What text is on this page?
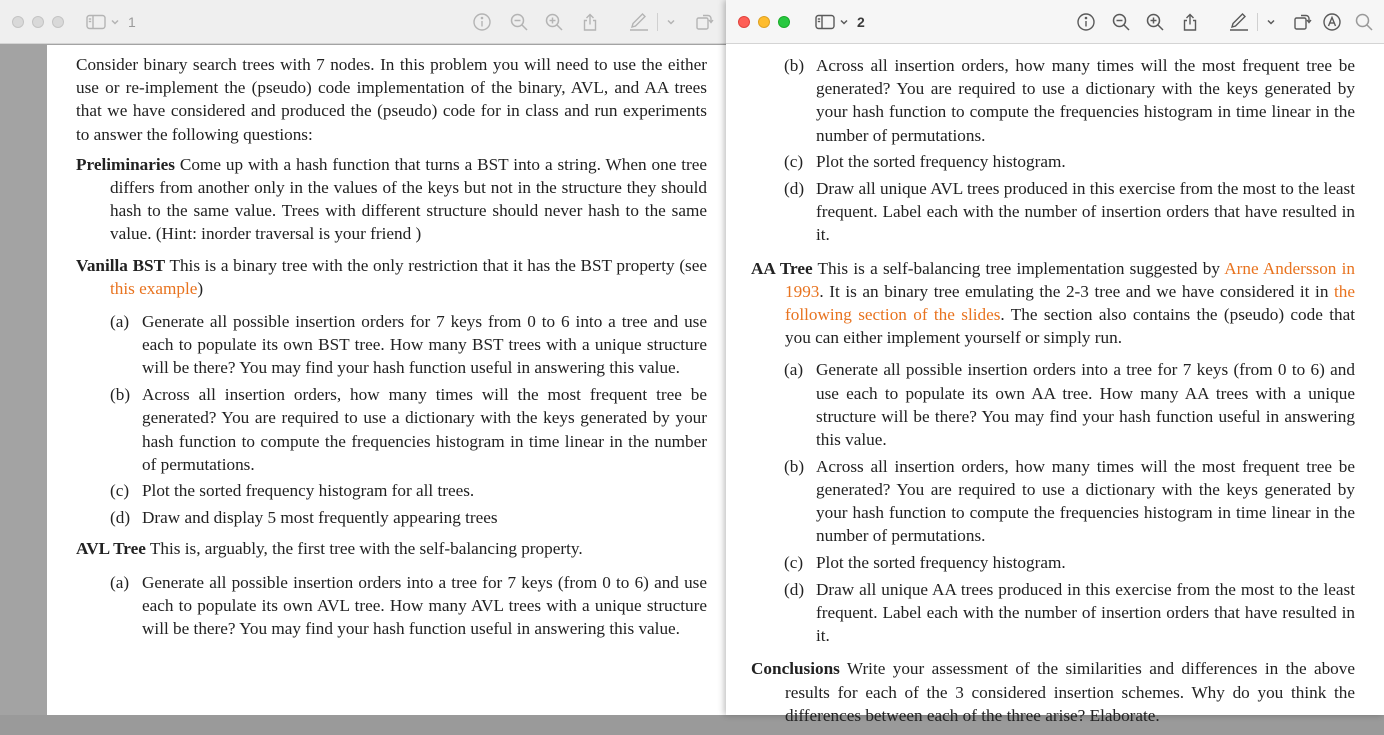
1

Consider binary search trees with 7 nodes. In this problem you will need to use the either use or re-implement the (pseudo) code implementation of the binary, AVL, and AA trees that we have considered and produced the (pseudo) code for in class and run experiments to answer the following questions:

Preliminaries Come up with a hash function that turns a BST into a string. When one tree differs from another only in the values of the keys but not in the structure they should hash to the same value. Trees with different structure should never hash to the same value. (Hint: inorder traversal is your friend )

Vanilla BST This is a binary tree with the only restriction that it has the BST property (see this example)

(a) Generate all possible insertion orders for 7 keys from 0 to 6 into a tree and use each to populate its own BST tree. How many BST trees with a unique structure will be there? You may find your hash function useful in answering this value.
(b) Across all insertion orders, how many times will the most frequent tree be generated? You are required to use a dictionary with the keys generated by your hash function to compute the frequencies histogram in time linear in the number of permutations.
(c) Plot the sorted frequency histogram for all trees.
(d) Draw and display 5 most frequently appearing trees

AVL Tree This is, arguably, the first tree with the self-balancing property.

(a) Generate all possible insertion orders into a tree for 7 keys (from 0 to 6) and use each to populate its own AVL tree. How many AVL trees with a unique structure will be there? You may find your hash function useful in answering this value.
2
(b) Across all insertion orders, how many times will the most frequent tree be generated? You are required to use a dictionary with the keys generated by your hash function to compute the frequencies histogram in time linear in the number of permutations.
(c) Plot the sorted frequency histogram.
(d) Draw all unique AVL trees produced in this exercise from the most to the least frequent. Label each with the number of insertion orders that have resulted in it.

AA Tree This is a self-balancing tree implementation suggested by Arne Andersson in 1993. It is an binary tree emulating the 2-3 tree and we have considered it in the following section of the slides. The section also contains the (pseudo) code that you can either implement yourself or simply run.

(a) Generate all possible insertion orders into a tree for 7 keys (from 0 to 6) and use each to populate its own AA tree. How many AA trees with a unique structure will be there? You may find your hash function useful in answering this value.
(b) Across all insertion orders, how many times will the most frequent tree be generated? You are required to use a dictionary with the keys generated by your hash function to compute the frequencies histogram in time linear in the number of permutations.
(c) Plot the sorted frequency histogram.
(d) Draw all unique AA trees produced in this exercise from the most to the least frequent. Label each with the number of insertion orders that have resulted in it.

Conclusions Write your assessment of the similarities and differences in the above results for each of the 3 considered insertion schemes. Why do you think the differences between each of the three arise? Elaborate.
